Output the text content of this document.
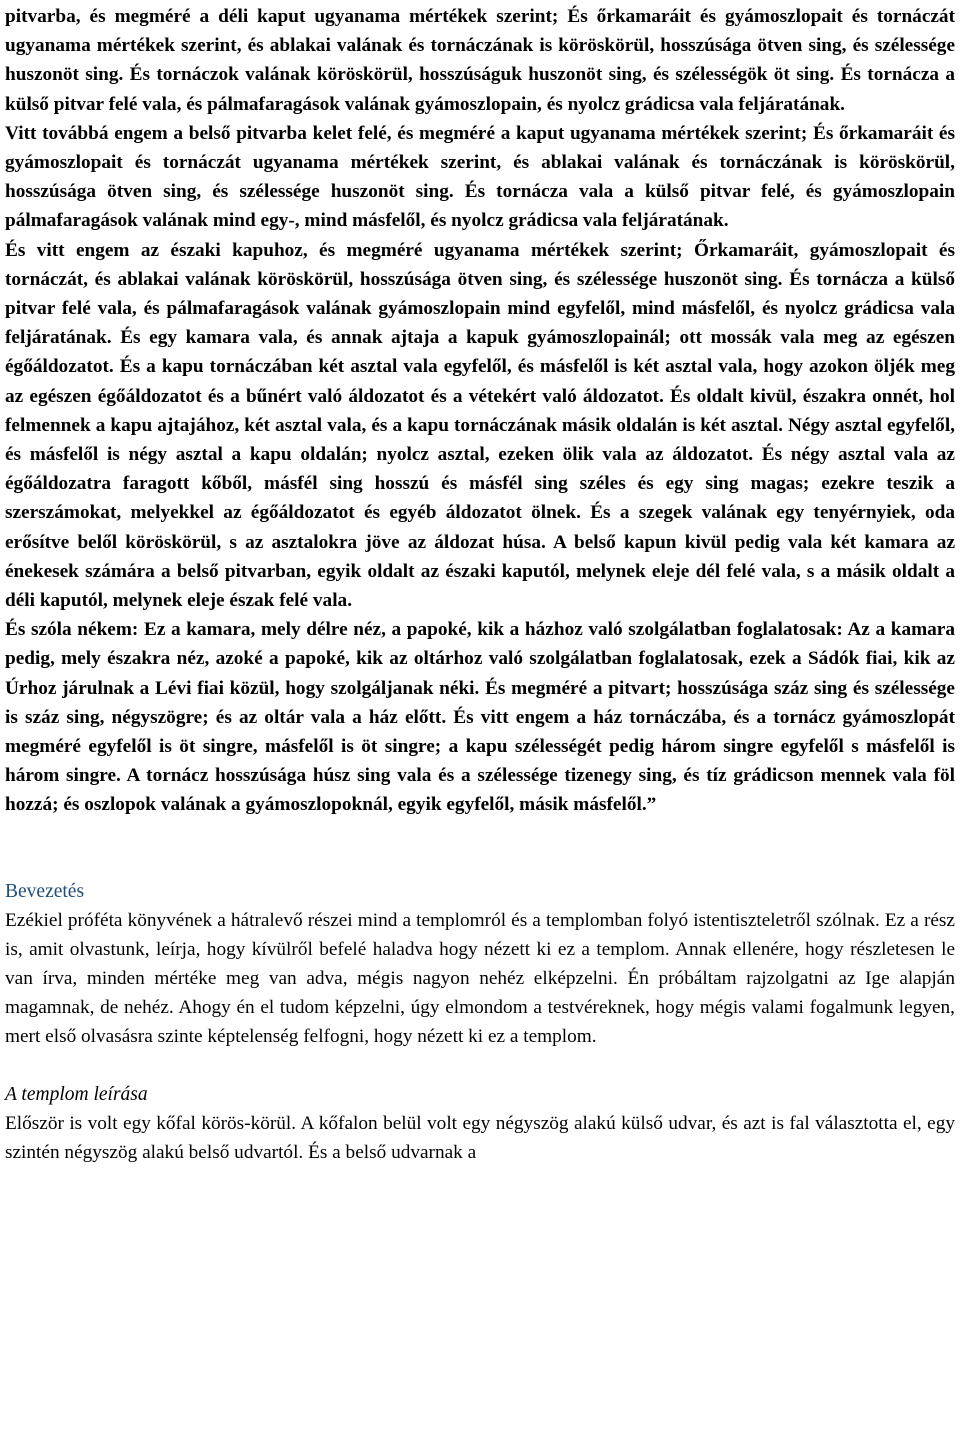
pitvarba, és megméré a déli kaput ugyanama mértékek szerint; És őrkamaráit és gyámoszlopait és tornáczát ugyanama mértékek szerint, és ablakai valának és tornáczának is köröskörül, hosszúsága ötven sing, és szélessége huszonöt sing. És tornáczok valának köröskörül, hosszúságuk huszonöt sing, és szélességök öt sing. És tornácza a külső pitvar felé vala, és pálmafaragások valának gyámoszlopain, és nyolcz grádicsa vala feljáratának.

Vitt továbbá engem a belső pitvarba kelet felé, és megméré a kaput ugyanama mértékek szerint; És őrkamaráit és gyámoszlopait és tornáczát ugyanama mértékek szerint, és ablakai valának és tornáczának is köröskörül, hosszúsága ötven sing, és szélessége huszonöt sing. És tornácza vala a külső pitvar felé, és gyámoszlopain pálmafaragások valának mind egy-, mind másfelől, és nyolcz grádicsa vala feljáratának.

És vitt engem az északi kapuhoz, és megméré ugyanama mértékek szerint; Őrkamaráit, gyámoszlopait és tornáczát, és ablakai valának köröskörül, hosszúsága ötven sing, és szélessége huszonöt sing. És tornácza a külső pitvar felé vala, és pálmafaragások valának gyámoszlopain mind egyfelől, mind másfelől, és nyolcz grádicsa vala feljáratának. És egy kamara vala, és annak ajtaja a kapuk gyámoszlopainál; ott mossák vala meg az egészen égőáldozatot. És a kapu tornáczában két asztal vala egyfelől, és másfelől is két asztal vala, hogy azokon öljék meg az egészen égőáldozatot és a bűnért való áldozatot és a vétekért való áldozatot. És oldalt kivül, északra onnét, hol felmennek a kapu ajtajához, két asztal vala, és a kapu tornáczának másik oldalán is két asztal. Négy asztal egyfelől, és másfelől is négy asztal a kapu oldalán; nyolcz asztal, ezeken ölik vala az áldozatot. És négy asztal vala az égőáldozatra faragott kőből, másfél sing hosszú és másfél sing széles és egy sing magas; ezekre teszik a szerszámokat, melyekkel az égőáldozatot és egyéb áldozatot ölnek. És a szegek valának egy tenyérnyiek, oda erősítve belől köröskörül, s az asztalokra jöve az áldozat húsa. A belső kapun kivül pedig vala két kamara az énekesek számára a belső pitvarban, egyik oldalt az északi kaputól, melynek eleje dél felé vala, s a másik oldalt a déli kaputól, melynek eleje észak felé vala.

És szóla nékem: Ez a kamara, mely délre néz, a papoké, kik a házhoz való szolgálatban foglalatosak: Az a kamara pedig, mely északra néz, azoké a papoké, kik az oltárhoz való szolgálatban foglalatosak, ezek a Sádók fiai, kik az Úrhoz járulnak a Lévi fiai közül, hogy szolgáljanak néki. És megméré a pitvart; hosszúsága száz sing és szélessége is száz sing, négyszögre; és az oltár vala a ház előtt. És vitt engem a ház tornáczába, és a tornácz gyámoszlopát megméré egyfelől is öt singre, másfelől is öt singre; a kapu szélességét pedig három singre egyfelől s másfelől is három singre. A tornácz hosszúsága húsz sing vala és a szélessége tizenegy sing, és tíz grádicson mennek vala föl hozzá; és oszlopok valának a gyámoszlopoknál, egyik egyfelől, másik másfelől.”

Bevezetés

Ezékiel próféta könyvének a hátralevő részei mind a templomról és a templomban folyó istentiszteletről szólnak. Ez a rész is, amit olvastunk, leírja, hogy kívülről befelé haladva hogy nézett ki ez a templom. Annak ellenére, hogy részletesen le van írva, minden mértéke meg van adva, mégis nagyon nehéz elképzelni. Én próbáltam rajzolgatni az Ige alapján magamnak, de nehéz. Ahogy én el tudom képzelni, úgy elmondom a testvéreknek, hogy mégis valami fogalmunk legyen, mert első olvasásra szinte képtelenség felfogni, hogy nézett ki ez a templom.

A templom leírása

Először is volt egy kőfal körös-körül. A kőfalon belül volt egy négyszög alakú külső udvar, és azt is fal választotta el, egy szintén négyszög alakú belső udvartól. És a belső udvarnak a
